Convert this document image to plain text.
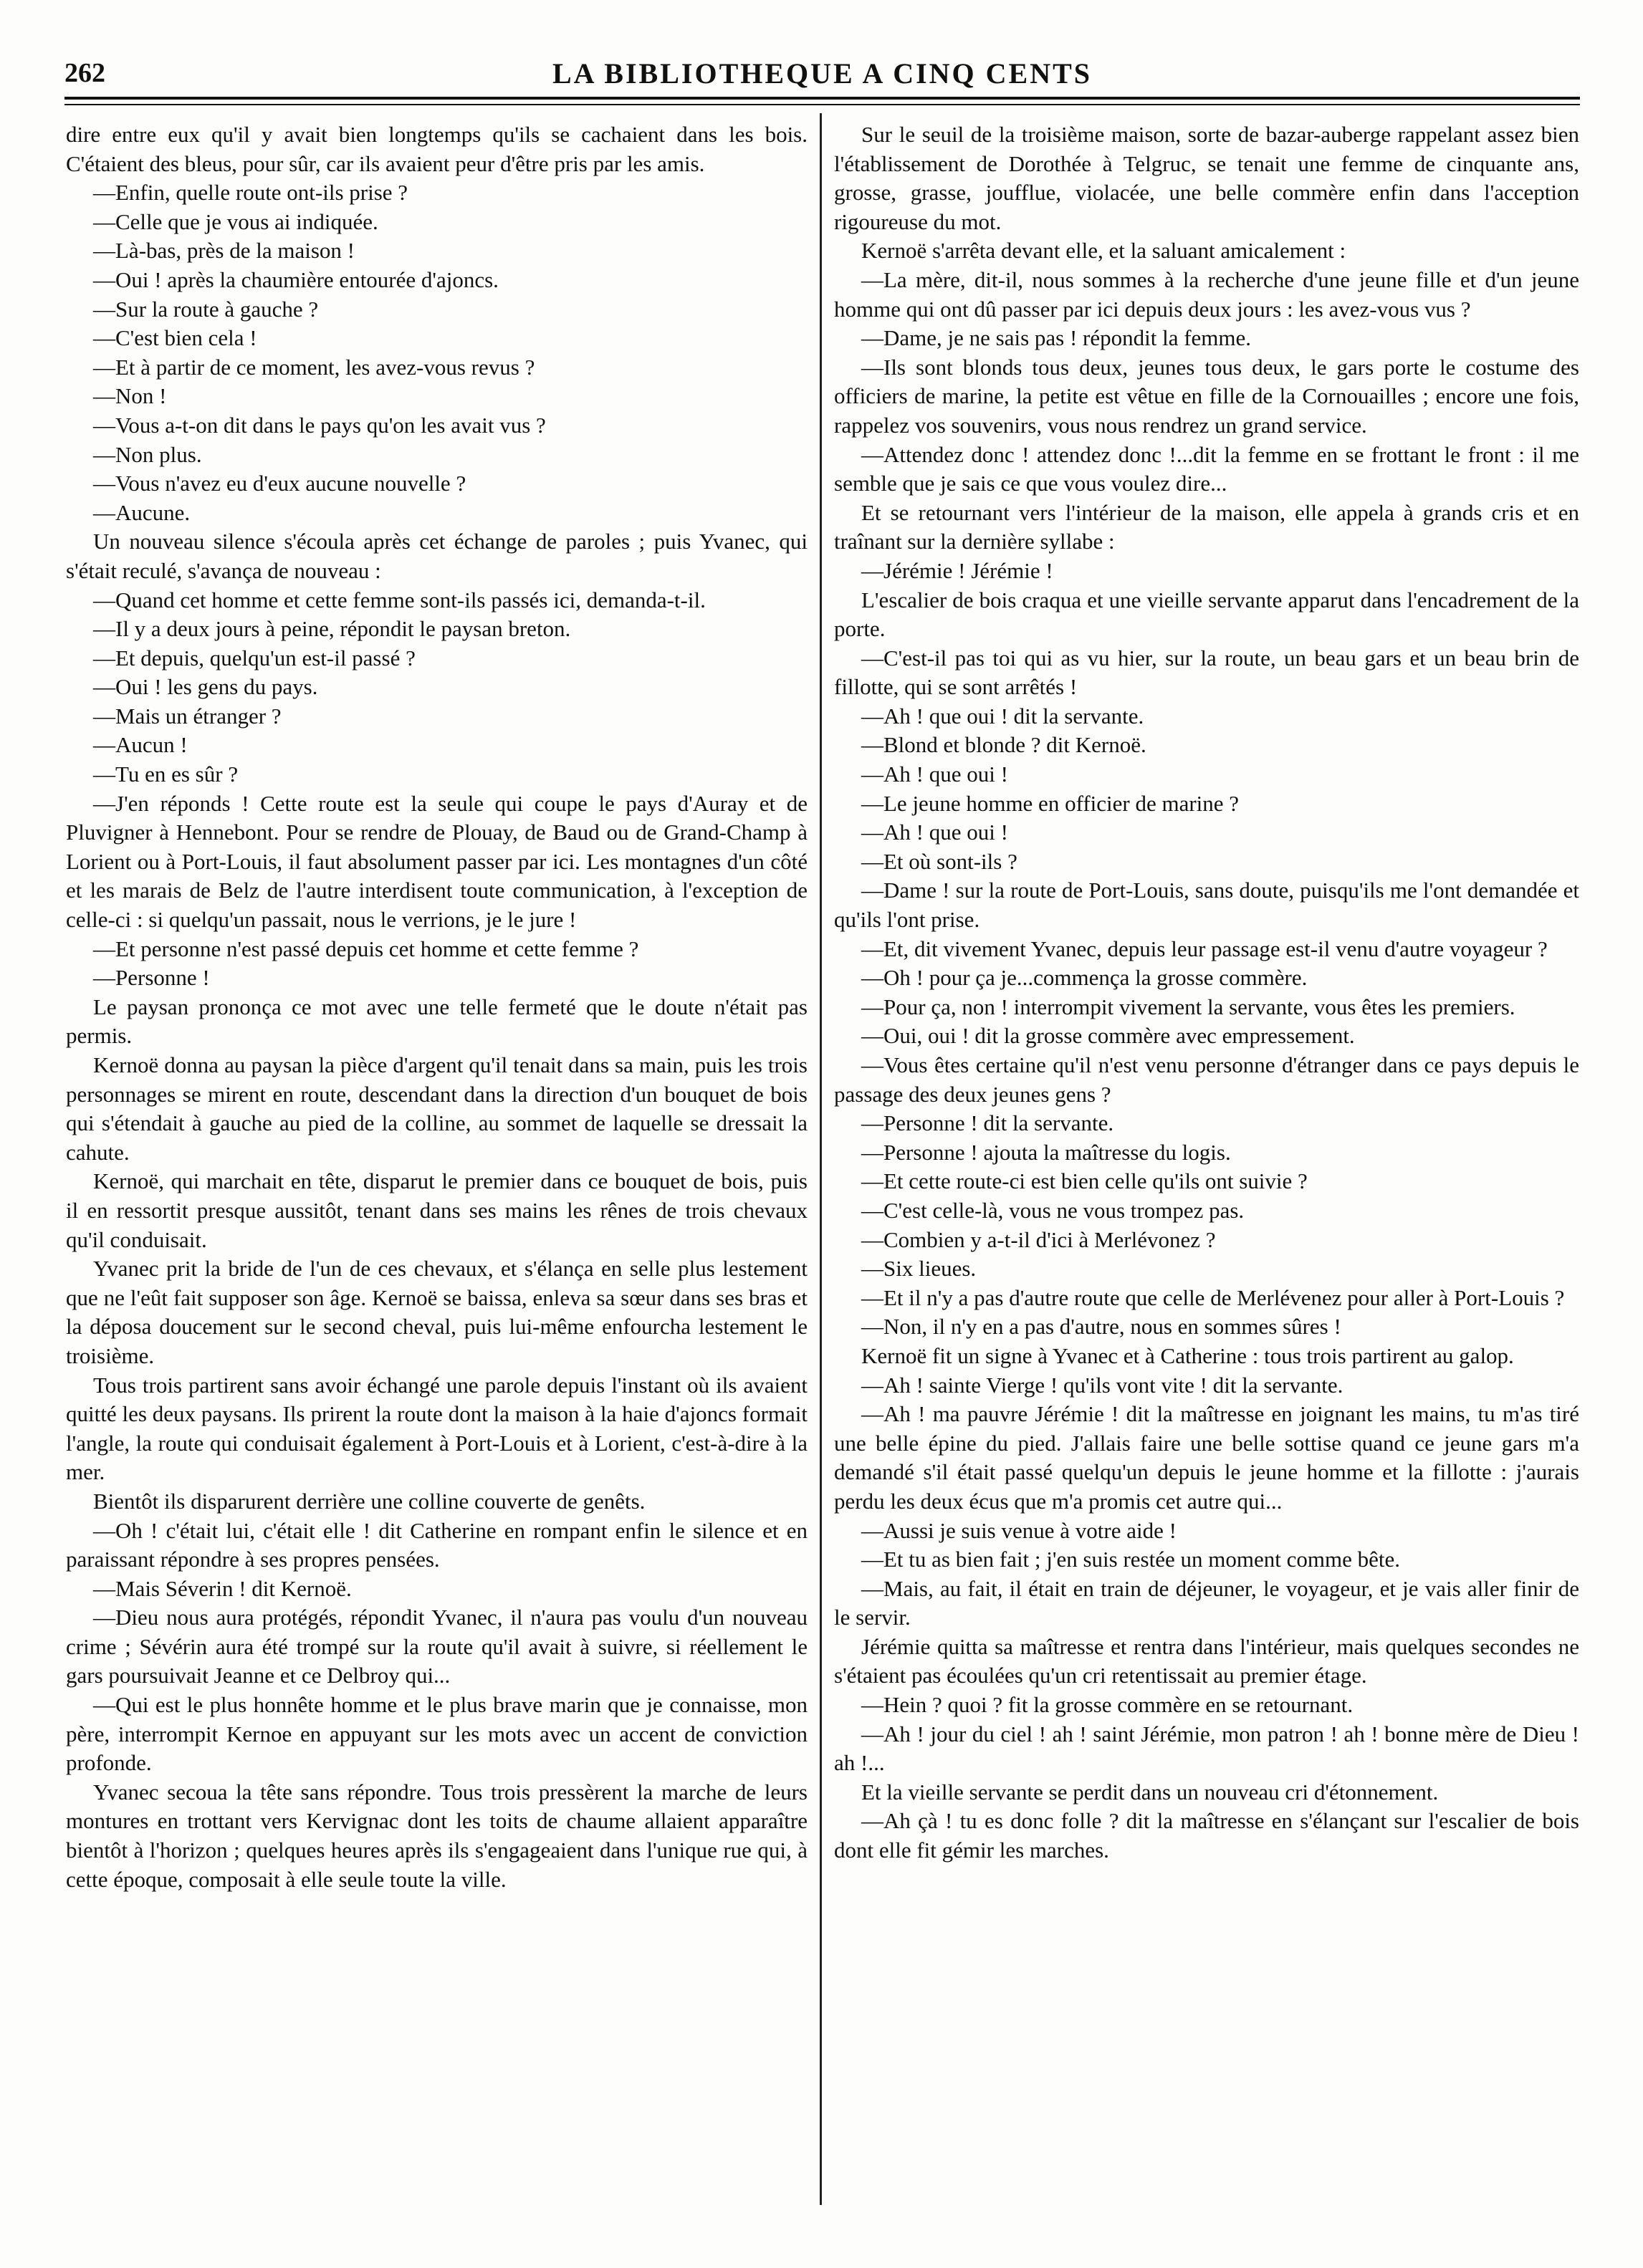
262	LA BIBLIOTHEQUE A CINQ CENTS

dire entre eux qu'il y avait bien longtemps qu'ils se cachaient dans les bois. C'étaient des bleus, pour sûr, car ils avaient peur d'être pris par les amis.

—Enfin, quelle route ont-ils prise ?

—Celle que je vous ai indiquée.

—Là-bas, près de la maison !

—Oui ! après la chaumière entourée d'ajoncs.

—Sur la route à gauche ?

—C'est bien cela !

—Et à partir de ce moment, les avez-vous revus ?

—Non !

—Vous a-t-on dit dans le pays qu'on les avait vus ?

—Non plus.

—Vous n'avez eu d'eux aucune nouvelle ?

—Aucune.

Un nouveau silence s'écoula après cet échange de paroles ; puis Yvanec, qui s'était reculé, s'avança de nouveau :

—Quand cet homme et cette femme sont-ils passés ici, demanda-t-il.

—Il y a deux jours à peine, répondit le paysan breton.

—Et depuis, quelqu'un est-il passé ?

—Oui ! les gens du pays.

—Mais un étranger ?

—Aucun !

—Tu en es sûr ?

—J'en réponds ! Cette route est la seule qui coupe le pays d'Auray et de Pluvigner à Hennebont. Pour se rendre de Plouay, de Baud ou de Grand-Champ à Lorient ou à Port-Louis, il faut absolument passer par ici. Les montagnes d'un côté et les marais de Belz de l'autre interdisent toute communication, à l'exception de celle-ci : si quelqu'un passait, nous le verrions, je le jure !

—Et personne n'est passé depuis cet homme et cette femme ?

—Personne !

Le paysan prononça ce mot avec une telle fermeté que le doute n'était pas permis.

Kernoë donna au paysan la pièce d'argent qu'il tenait dans sa main, puis les trois personnages se mirent en route, descendant dans la direction d'un bouquet de bois qui s'étendait à gauche au pied de la colline, au sommet de laquelle se dressait la cahute.

Kernoë, qui marchait en tête, disparut le premier dans ce bouquet de bois, puis il en ressortit presque aussitôt, tenant dans ses mains les rênes de trois chevaux qu'il conduisait.

Yvanec prit la bride de l'un de ces chevaux, et s'élança en selle plus lestement que ne l'eût fait supposer son âge. Kernoë se baissa, enleva sa sœur dans ses bras et la déposa doucement sur le second cheval, puis lui-même enfourcha lestement le troisième.

Tous trois partirent sans avoir échangé une parole depuis l'instant où ils avaient quitté les deux paysans. Ils prirent la route dont la maison à la haie d'ajoncs formait l'angle, la route qui conduisait également à Port-Louis et à Lorient, c'est-à-dire à la mer.

Bientôt ils disparurent derrière une colline couverte de genêts.

—Oh ! c'était lui, c'était elle ! dit Catherine en rompant enfin le silence et en paraissant répondre à ses propres pensées.

—Mais Séverin ! dit Kernoë.

—Dieu nous aura protégés, répondit Yvanec, il n'aura pas voulu d'un nouveau crime ; Sévérin aura été trompé sur la route qu'il avait à suivre, si réellement le gars poursuivait Jeanne et ce Delbroy qui...

—Qui est le plus honnête homme et le plus brave marin que je connaisse, mon père, interrompit Kernoe en appuyant sur les mots avec un accent de conviction profonde.

Yvanec secoua la tête sans répondre. Tous trois pressèrent la marche de leurs montures en trottant vers Kervignac dont les toits de chaume allaient apparaître bientôt à l'horizon ; quelques heures après ils s'engageaient dans l'unique rue qui, à cette époque, composait à elle seule toute la ville.

Sur le seuil de la troisième maison, sorte de bazar-auberge rappelant assez bien l'établissement de Dorothée à Telgruc, se tenait une femme de cinquante ans, grosse, grasse, joufflue, violacée, une belle commère enfin dans l'acception rigoureuse du mot.

Kernoë s'arrêta devant elle, et la saluant amicalement :

—La mère, dit-il, nous sommes à la recherche d'une jeune fille et d'un jeune homme qui ont dû passer par ici depuis deux jours : les avez-vous vus ?

—Dame, je ne sais pas ! répondit la femme.

—Ils sont blonds tous deux, jeunes tous deux, le gars porte le costume des officiers de marine, la petite est vêtue en fille de la Cornouailles ; encore une fois, rappelez vos souvenirs, vous nous rendrez un grand service.

—Attendez donc ! attendez donc !...dit la femme en se frottant le front : il me semble que je sais ce que vous voulez dire...

Et se retournant vers l'intérieur de la maison, elle appela à grands cris et en traînant sur la dernière syllabe :

—Jérémie ! Jérémie !

L'escalier de bois craqua et une vieille servante apparut dans l'encadrement de la porte.

—C'est-il pas toi qui as vu hier, sur la route, un beau gars et un beau brin de fillotte, qui se sont arrêtés !

—Ah ! que oui ! dit la servante.

—Blond et blonde ? dit Kernoë.

—Ah ! que oui !

—Le jeune homme en officier de marine ?

—Ah ! que oui !

—Et où sont-ils ?

—Dame ! sur la route de Port-Louis, sans doute, puisqu'ils me l'ont demandée et qu'ils l'ont prise.

—Et, dit vivement Yvanec, depuis leur passage est-il venu d'autre voyageur ?

—Oh ! pour ça je...commença la grosse commère.

—Pour ça, non ! interrompit vivement la servante, vous êtes les premiers.

—Oui, oui ! dit la grosse commère avec empressement.

—Vous êtes certaine qu'il n'est venu personne d'étranger dans ce pays depuis le passage des deux jeunes gens ?

—Personne ! dit la servante.

—Personne ! ajouta la maîtresse du logis.

—Et cette route-ci est bien celle qu'ils ont suivie ?

—C'est celle-là, vous ne vous trompez pas.

—Combien y a-t-il d'ici à Merlévonez ?

—Six lieues.

—Et il n'y a pas d'autre route que celle de Merlévenez pour aller à Port-Louis ?

—Non, il n'y en a pas d'autre, nous en sommes sûres !

Kernoë fit un signe à Yvanec et à Catherine : tous trois partirent au galop.

—Ah ! sainte Vierge ! qu'ils vont vite ! dit la servante.

—Ah ! ma pauvre Jérémie ! dit la maîtresse en joignant les mains, tu m'as tiré une belle épine du pied. J'allais faire une belle sottise quand ce jeune gars m'a demandé s'il était passé quelqu'un depuis le jeune homme et la fillotte : j'aurais perdu les deux écus que m'a promis cet autre qui...

—Aussi je suis venue à votre aide !

—Et tu as bien fait ; j'en suis restée un moment comme bête.

—Mais, au fait, il était en train de déjeuner, le voyageur, et je vais aller finir de le servir.

Jérémie quitta sa maîtresse et rentra dans l'intérieur, mais quelques secondes ne s'étaient pas écoulées qu'un cri retentissait au premier étage.

—Hein ? quoi ? fit la grosse commère en se retournant.

—Ah ! jour du ciel ! ah ! saint Jérémie, mon patron ! ah ! bonne mère de Dieu ! ah !...

Et la vieille servante se perdit dans un nouveau cri d'étonnement.

—Ah çà ! tu es donc folle ? dit la maîtresse en s'élançant sur l'escalier de bois dont elle fit gémir les marches.
